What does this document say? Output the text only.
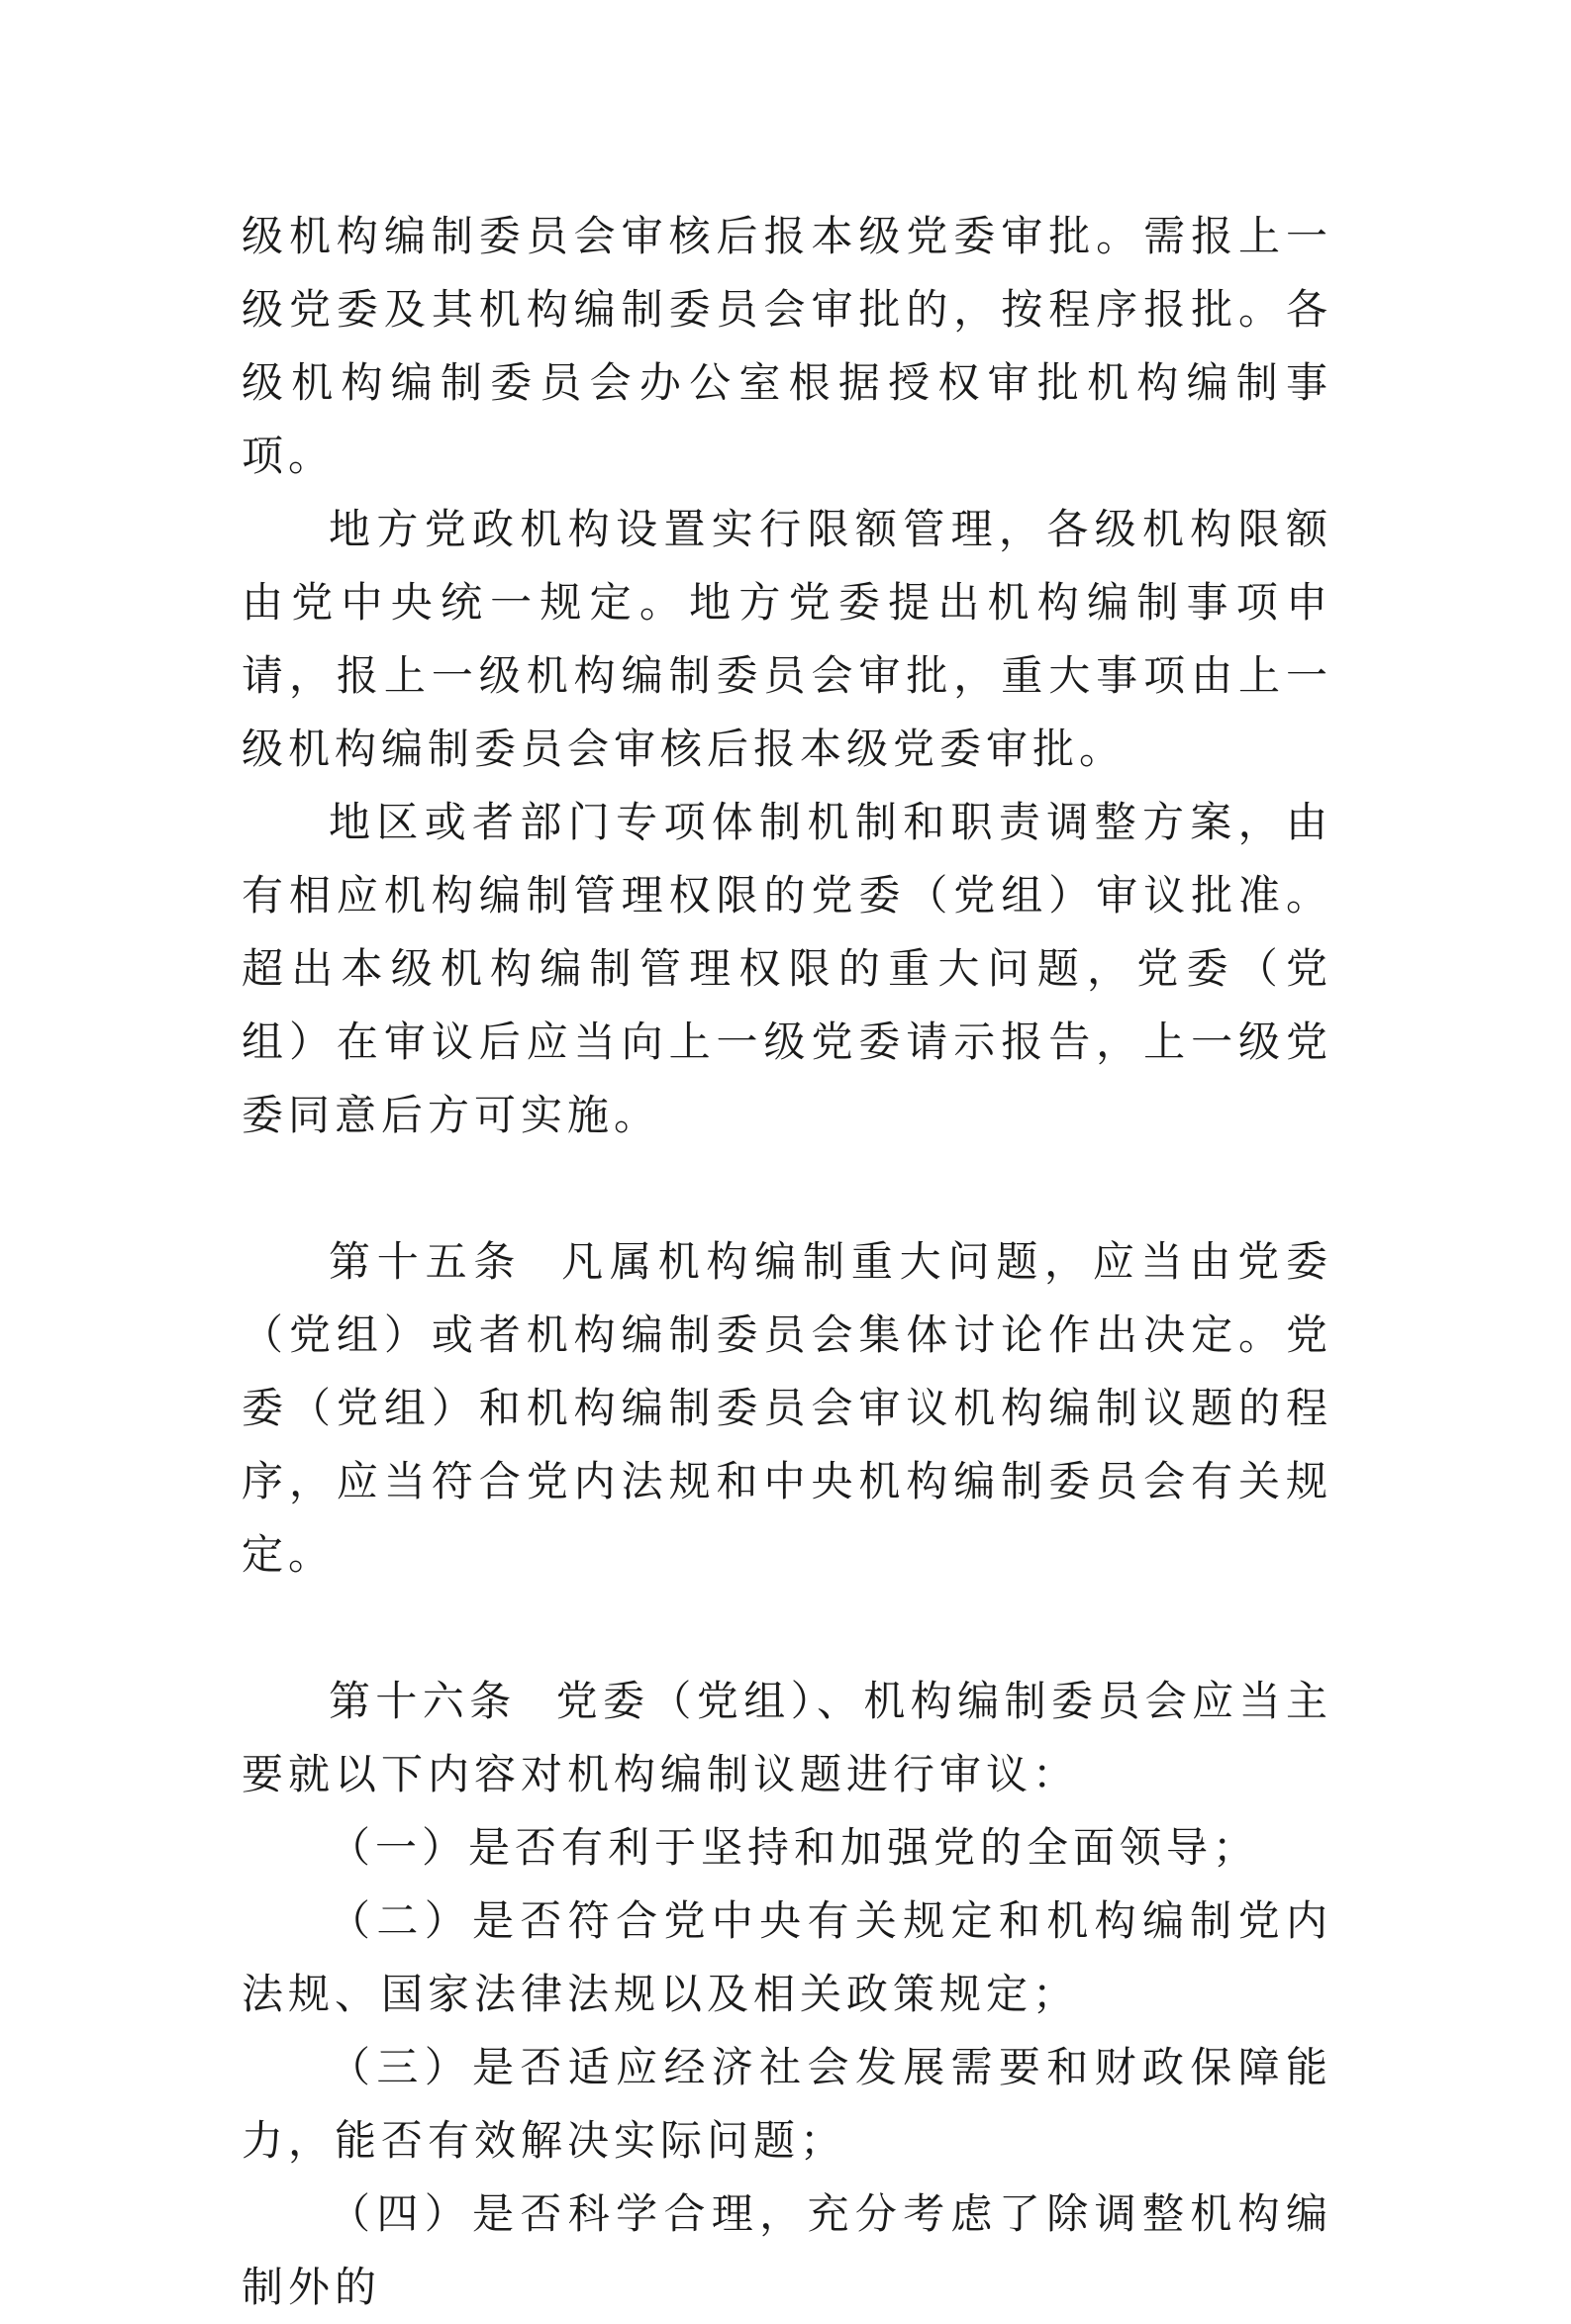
级机构编制委员会审核后报本级党委审批。需报上一级党委及其机构编制委员会审批的，按程序报批。各级机构编制委员会办公室根据授权审批机构编制事项。

地方党政机构设置实行限额管理，各级机构限额由党中央统一规定。地方党委提出机构编制事项申请，报上一级机构编制委员会审批，重大事项由上一级机构编制委员会审核后报本级党委审批。

地区或者部门专项体制机制和职责调整方案，由有相应机构编制管理权限的党委（党组）审议批准。超出本级机构编制管理权限的重大问题，党委（党组）在审议后应当向上一级党委请示报告，上一级党委同意后方可实施。

第十五条 凡属机构编制重大问题，应当由党委（党组）或者机构编制委员会集体讨论作出决定。党委（党组）和机构编制委员会审议机构编制议题的程序，应当符合党内法规和中央机构编制委员会有关规定。

第十六条 党委（党组）、机构编制委员会应当主要就以下内容对机构编制议题进行审议：

（一）是否有利于坚持和加强党的全面领导；

（二）是否符合党中央有关规定和机构编制党内法规、国家法律法规以及相关政策规定；

（三）是否适应经济社会发展需要和财政保障能力，能否有效解决实际问题；

（四）是否科学合理，充分考虑了除调整机构编制外的
